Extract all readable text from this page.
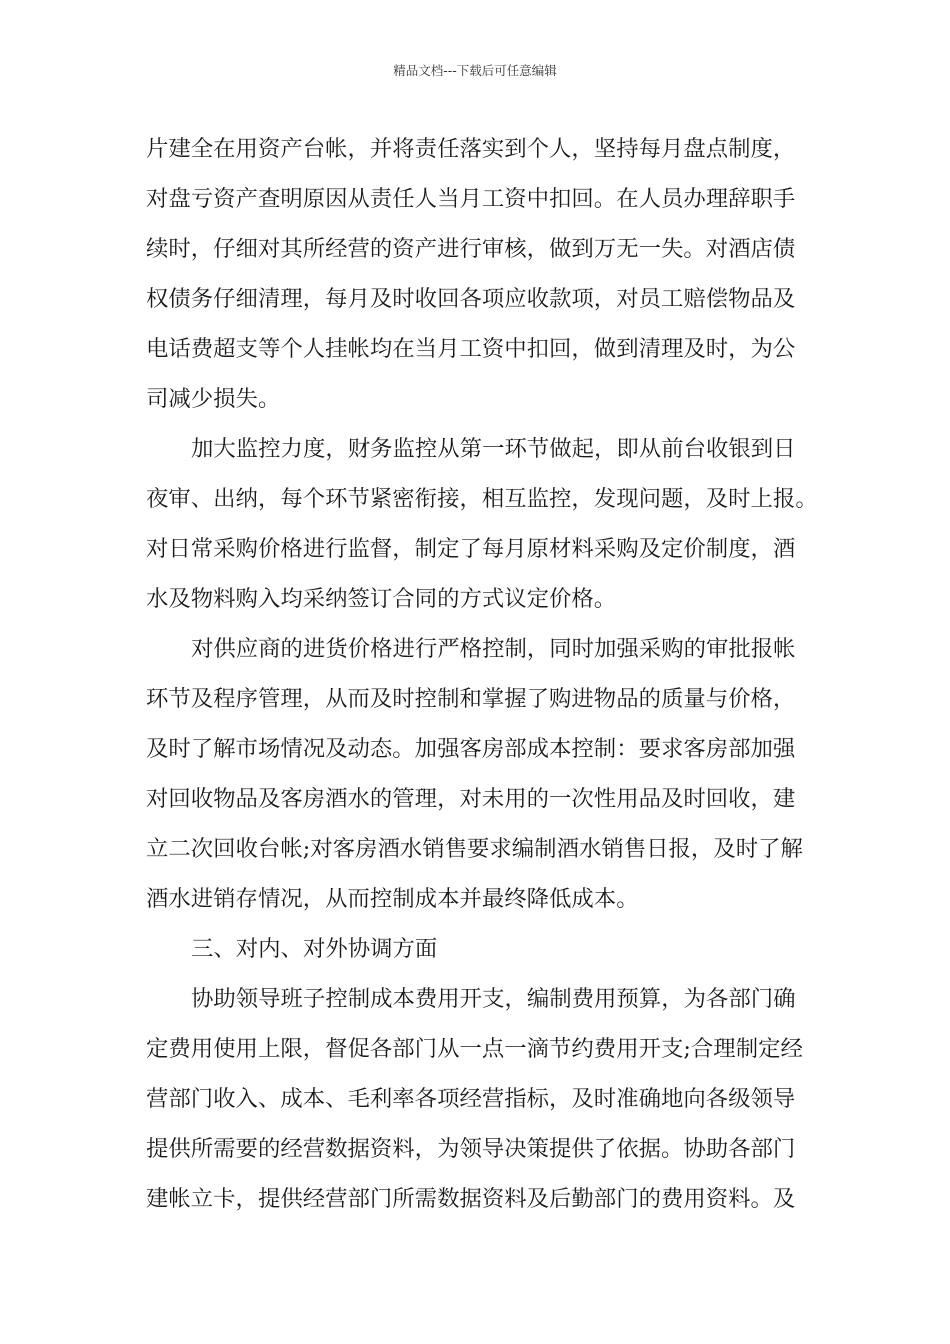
精品文档---下载后可任意编辑
片建全在用资产台帐，并将责任落实到个人，坚持每月盘点制度，
对盘亏资产查明原因从责任人当月工资中扣回。在人员办理辞职手
续时，仔细对其所经营的资产进行审核，做到万无一失。对酒店债
权债务仔细清理，每月及时收回各项应收款项，对员工赔偿物品及
电话费超支等个人挂帐均在当月工资中扣回，做到清理及时，为公
司减少损失。
加大监控力度，财务监控从第一环节做起，即从前台收银到日
夜审、出纳，每个环节紧密衔接，相互监控，发现问题，及时上报。
对日常采购价格进行监督，制定了每月原材料采购及定价制度，酒
水及物料购入均采纳签订合同的方式议定价格。
对供应商的进货价格进行严格控制，同时加强采购的审批报帐
环节及程序管理，从而及时控制和掌握了购进物品的质量与价格，
及时了解市场情况及动态。加强客房部成本控制：要求客房部加强
对回收物品及客房酒水的管理，对未用的一次性用品及时回收，建
立二次回收台帐;对客房酒水销售要求编制酒水销售日报，及时了解
酒水进销存情况，从而控制成本并最终降低成本。
三、对内、对外协调方面
协助领导班子控制成本费用开支，编制费用预算，为各部门确
定费用使用上限，督促各部门从一点一滴节约费用开支;合理制定经
营部门收入、成本、毛利率各项经营指标，及时准确地向各级领导
提供所需要的经营数据资料，为领导决策提供了依据。协助各部门
建帐立卡，提供经营部门所需数据资料及后勤部门的费用资料。及
